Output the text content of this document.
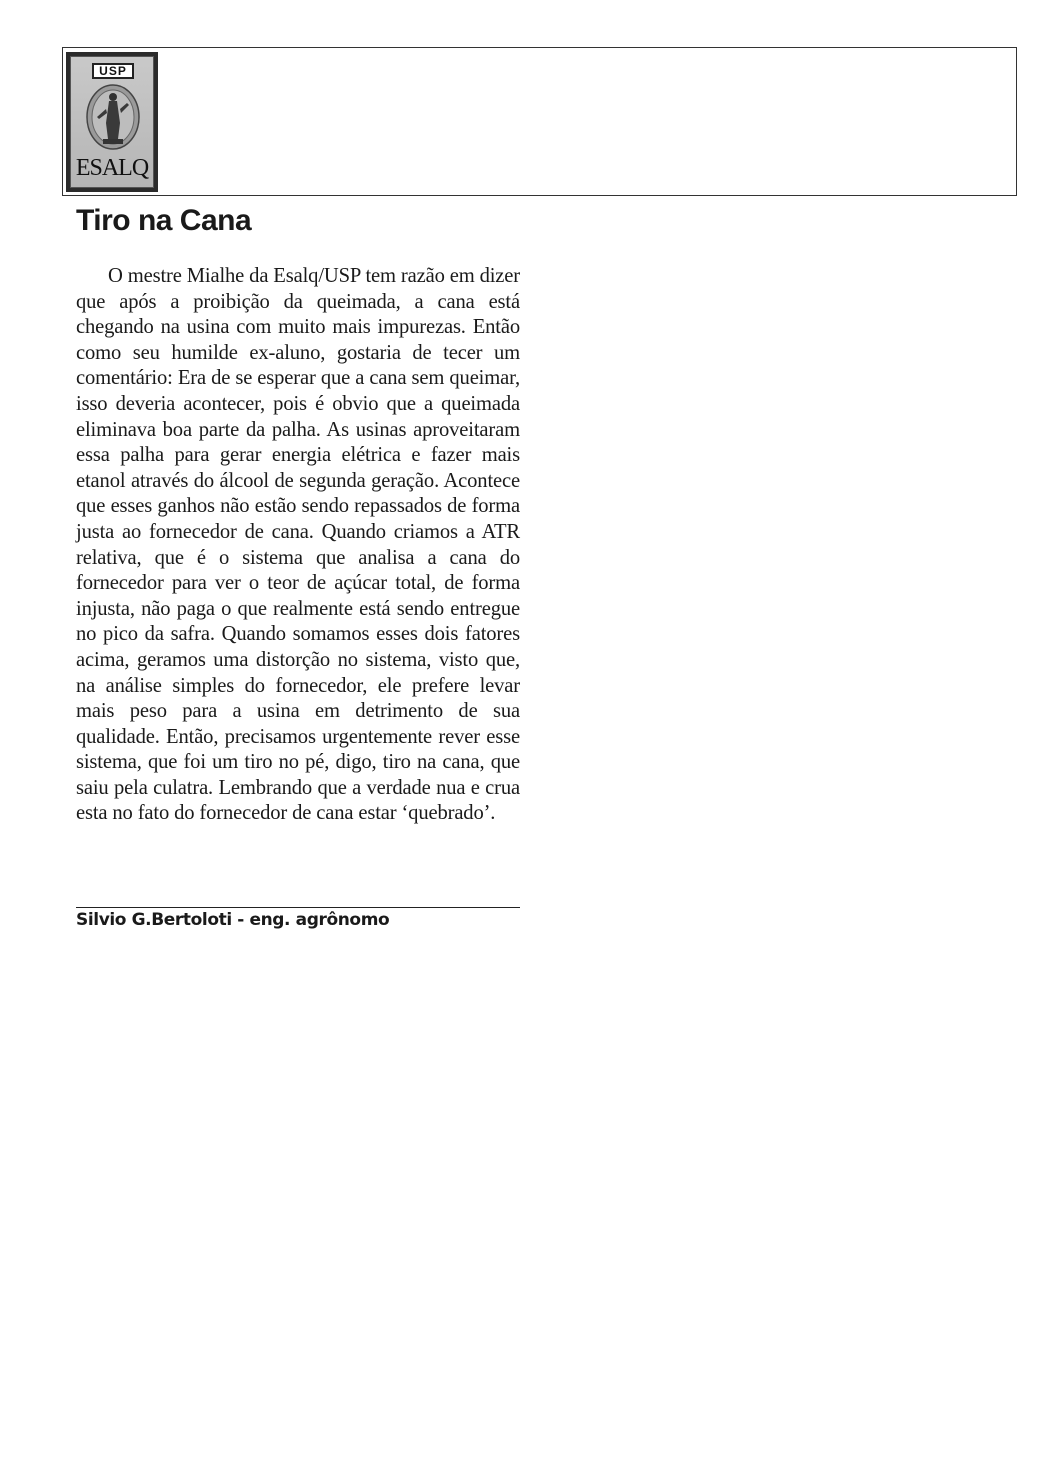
USP
ESALQ
Tiro na Cana

O mestre Mialhe da Esalq/USP tem razão em dizer que após a proibição da queimada, a cana está chegando na usina com muito mais impurezas. Então como seu humilde ex-aluno, gostaria de tecer um comentário: Era de se esperar que a cana sem queimar, isso deveria acontecer, pois é obvio que a queimada eliminava boa parte da palha. As usinas aproveitaram essa palha para gerar energia elétrica e fazer mais etanol através do álcool de segunda geração. Acontece que esses ganhos não estão sendo repassados de forma justa ao fornecedor de cana. Quando criamos a ATR relativa, que é o sistema que analisa a cana do fornecedor para ver o teor de açúcar total, de forma injusta, não paga o que realmente está sendo entregue no pico da safra. Quando somamos esses dois fatores acima, geramos uma distorção no sistema, visto que, na análise simples do fornecedor, ele prefere levar mais peso para a usina em detrimento de sua qualidade. Então, precisamos urgentemente rever esse sistema, que foi um tiro no pé, digo, tiro na cana, que saiu pela culatra. Lembrando que a verdade nua e crua esta no fato do fornecedor de cana estar ‘quebrado’.

Silvio G.Bertoloti - eng. agrônomo
